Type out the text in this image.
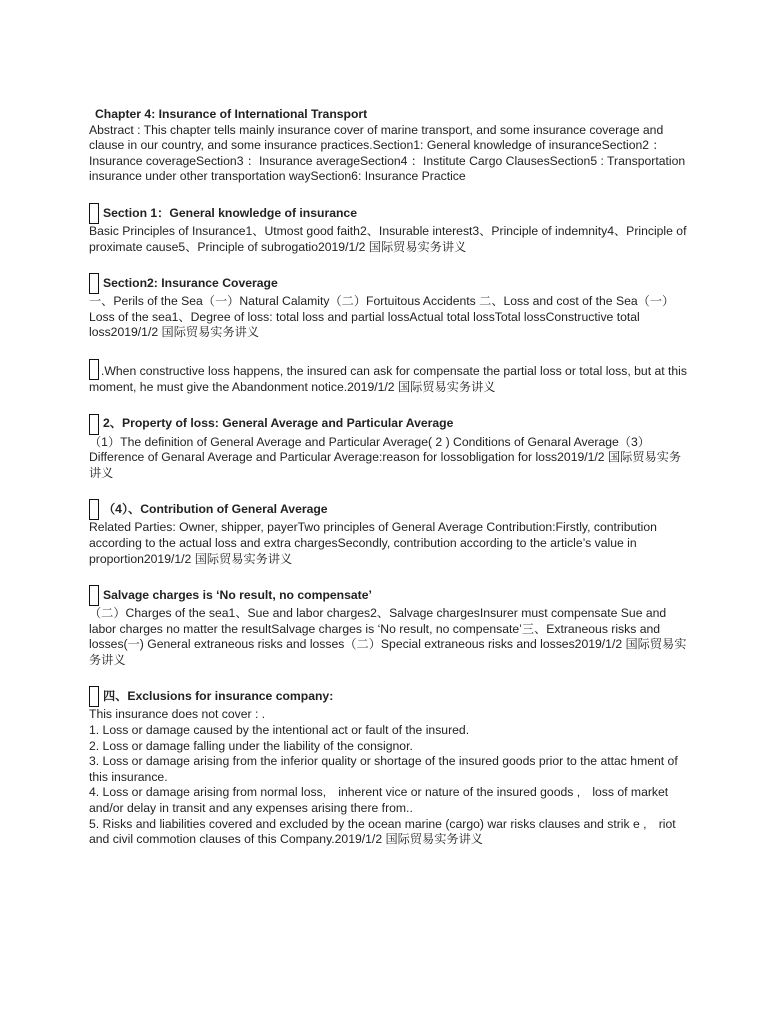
Chapter 4: Insurance of International Transport

Abstract : This chapter tells mainly insurance cover of marine transport, and some insurance coverage and clause in our country, and some insurance practices.Section1: General knowledge of insuranceSection2 ：Insurance coverageSection3 ：Insurance averageSection4 ：Institute Cargo ClausesSection5 : Transportation insurance under other transportation waySection6: Insurance Practice

Section 1：General knowledge of insurance

Basic Principles of Insurance1、Utmost good faith2、Insurable interest3、Principle of indemnity4、Principle of proximate cause5、Principle of subrogatio2019/1/2 国际贸易实务讲义

Section2: Insurance Coverage

一、Perils of the Sea（一）Natural Calamity（二）Fortuitous Accidents 二、Loss and cost of the Sea（一）Loss of the sea1、Degree of loss: total loss and partial lossActual total lossTotal lossConstructive total loss2019/1/2 国际贸易实务讲义

.When constructive loss happens, the insured can ask for compensate the partial loss or total loss, but at this moment, he must give the Abandonment notice.2019/1/2 国际贸易实务讲义

2、Property of loss: General Average and Particular Average

（1）The definition of General Average and Particular Average( 2 ) Conditions of Genaral Average（3）Difference of Genaral Average and Particular Average:reason for lossobligation for loss2019/1/2 国际贸易实务讲义

（4）、Contribution of General Average

Related Parties: Owner, shipper, payerTwo principles of General Average Contribution:Firstly, contribution according to the actual loss and extra chargesSecondly, contribution according to the article’s value in proportion2019/1/2 国际贸易实务讲义

Salvage charges is ‘No result, no compensate’

（二）Charges of the sea1、Sue and labor charges2、Salvage chargesInsurer must compensate Sue and labor charges no matter the resultSalvage charges is ‘No result, no compensate’三、Extraneous risks and losses(一) General extraneous risks and losses（二）Special extraneous risks and losses2019/1/2 国际贸易实务讲义

四、Exclusions for insurance company:

This insurance does not cover : .

1. Loss or damage caused by the intentional act or fault of the insured.

2. Loss or damage falling under the liability of the consignor.

3. Loss or damage arising from the inferior quality or shortage of the insured goods prior to the attac hment of this insurance.

4. Loss or damage arising from normal loss,　inherent vice or nature of the insured goods ,　loss of market and/or delay in transit and any expenses arising there from..

5. Risks and liabilities covered and excluded by the ocean marine (cargo) war risks clauses and strik e ,　riot and civil commotion clauses of this Company.2019/1/2 国际贸易实务讲义
